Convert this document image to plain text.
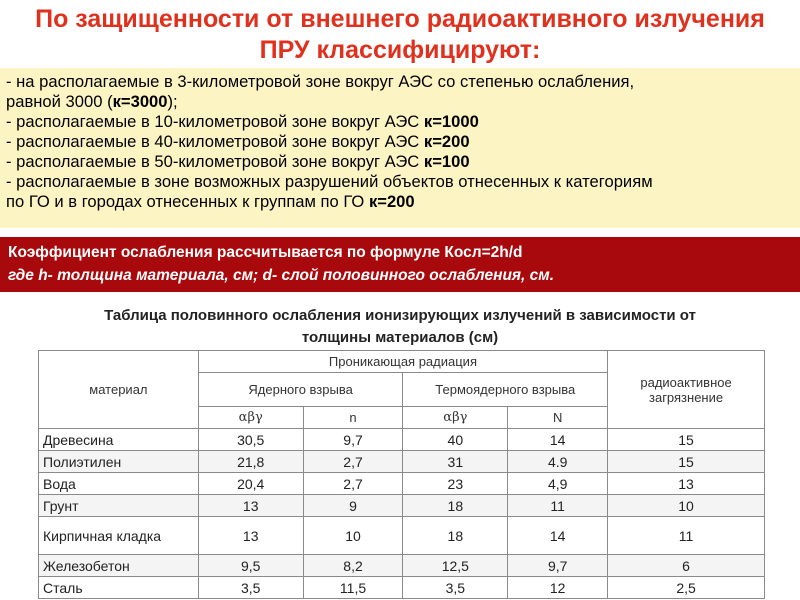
По защищенности от внешнего радиоактивного излучения
ПРУ классифицируют:
- на располагаемые в 3-километровой зоне вокруг АЭС со степенью ослабления,
равной 3000 (к=3000);
- располагаемые в 10-километровой зоне вокруг АЭС к=1000
- располагаемые в 40-километровой зоне вокруг АЭС к=200
- располагаемые в 50-километровой зоне вокруг АЭС к=100
- располагаемые в зоне возможных разрушений объектов отнесенных к категориям
по ГО и в городах отнесенных к группам по ГО к=200
Коэффициент ослабления рассчитывается по формуле Косл=2h/d
где h- толщина материала, см; d- слой половинного ослабления, см.
Таблица половинного ослабления ионизирующих излучений в зависимости от
толщины материалов (см)
материал	Проникающая радиация				радиоактивное загрязнение
	Ядерного взрыва		Термоядерного взрыва		
	αβγ	n	αβγ	N	
Древесина	30,5	9,7	40	14	15
Полиэтилен	21,8	2,7	31	4.9	15
Вода	20,4	2,7	23	4,9	13
Грунт	13	9	18	11	10
Кирпичная кладка	13	10	18	14	11
Железобетон	9,5	8,2	12,5	9,7	6
Сталь	3,5	11,5	3,5	12	2,5
